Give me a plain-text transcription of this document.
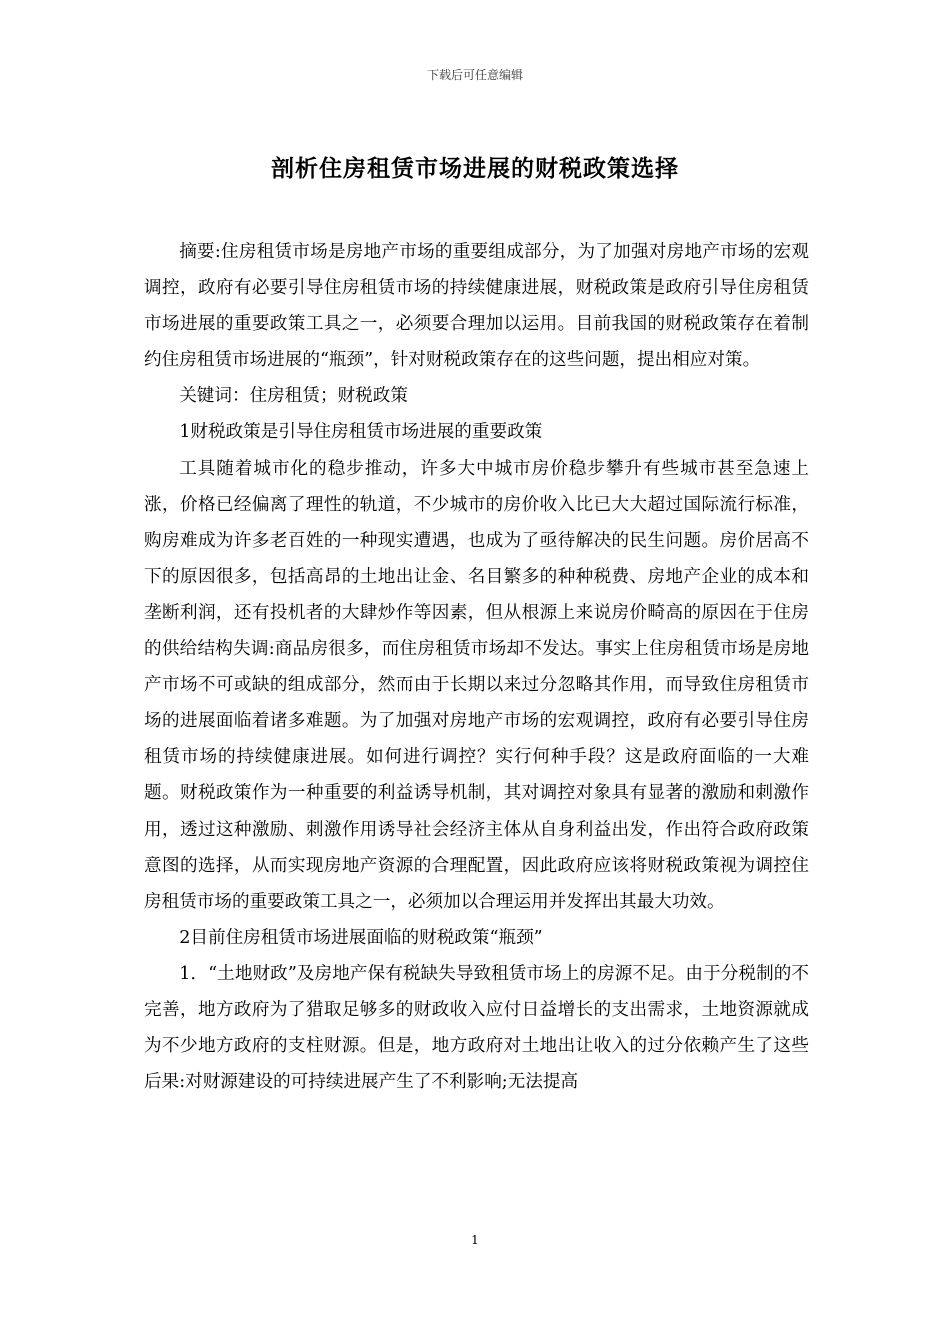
下载后可任意编辑
剖析住房租赁市场进展的财税政策选择

摘要:住房租赁市场是房地产市场的重要组成部分，为了加强对房地产市场的宏观调控，政府有必要引导住房租赁市场的持续健康进展，财税政策是政府引导住房租赁市场进展的重要政策工具之一，必须要合理加以运用。目前我国的财税政策存在着制约住房租赁市场进展的“瓶颈”，针对财税政策存在的这些问题，提出相应对策。

关键词：住房租赁；财税政策

1财税政策是引导住房租赁市场进展的重要政策

工具随着城市化的稳步推动，许多大中城市房价稳步攀升有些城市甚至急速上涨，价格已经偏离了理性的轨道，不少城市的房价收入比已大大超过国际流行标准，购房难成为许多老百姓的一种现实遭遇，也成为了亟待解决的民生问题。房价居高不下的原因很多，包括高昂的土地出让金、名目繁多的种种税费、房地产企业的成本和垄断利润，还有投机者的大肆炒作等因素，但从根源上来说房价畸高的原因在于住房的供给结构失调:商品房很多，而住房租赁市场却不发达。事实上住房租赁市场是房地产市场不可或缺的组成部分，然而由于长期以来过分忽略其作用，而导致住房租赁市场的进展面临着诸多难题。为了加强对房地产市场的宏观调控，政府有必要引导住房租赁市场的持续健康进展。如何进行调控？实行何种手段？这是政府面临的一大难题。财税政策作为一种重要的利益诱导机制，其对调控对象具有显著的激励和刺激作用，透过这种激励、刺激作用诱导社会经济主体从自身利益出发，作出符合政府政策意图的选择，从而实现房地产资源的合理配置，因此政府应该将财税政策视为调控住房租赁市场的重要政策工具之一，必须加以合理运用并发挥出其最大功效。

2目前住房租赁市场进展面临的财税政策“瓶颈”

1．“土地财政”及房地产保有税缺失导致租赁市场上的房源不足。由于分税制的不完善，地方政府为了猎取足够多的财政收入应付日益增长的支出需求，土地资源就成为不少地方政府的支柱财源。但是，地方政府对土地出让收入的过分依赖产生了这些后果:对财源建设的可持续进展产生了不利影响;无法提高

1
